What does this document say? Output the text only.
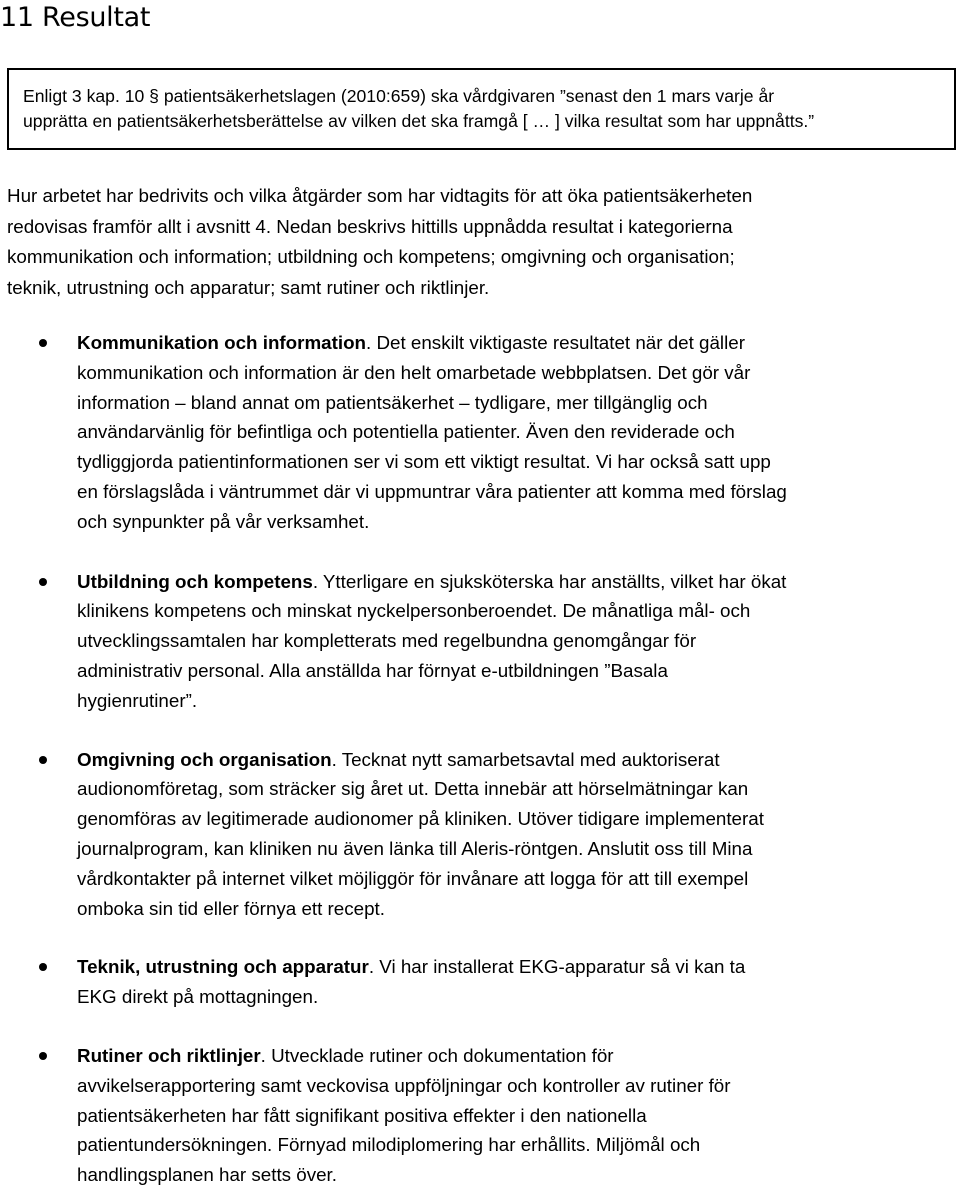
11 Resultat

Enligt 3 kap. 10 § patientsäkerhetslagen (2010:659) ska vårdgivaren ”senast den 1 mars varje år
upprätta en patientsäkerhetsberättelse av vilken det ska framgå [ … ] vilka resultat som har uppnåtts.”

Hur arbetet har bedrivits och vilka åtgärder som har vidtagits för att öka patientsäkerheten
redovisas framför allt i avsnitt 4. Nedan beskrivs hittills uppnådda resultat i kategorierna
kommunikation och information; utbildning och kompetens; omgivning och organisation;
teknik, utrustning och apparatur; samt rutiner och riktlinjer.

Kommunikation och information. Det enskilt viktigaste resultatet när det gäller
kommunikation och information är den helt omarbetade webbplatsen. Det gör vår
information – bland annat om patientsäkerhet – tydligare, mer tillgänglig och
användarvänlig för befintliga och potentiella patienter. Även den reviderade och
tydliggjorda patientinformationen ser vi som ett viktigt resultat. Vi har också satt upp
en förslagslåda i väntrummet där vi uppmuntrar våra patienter att komma med förslag
och synpunkter på vår verksamhet.
Utbildning och kompetens. Ytterligare en sjuksköterska har anställts, vilket har ökat
klinikens kompetens och minskat nyckelpersonberoendet. De månatliga mål- och
utvecklingssamtalen har kompletterats med regelbundna genomgångar för
administrativ personal. Alla anställda har förnyat e-utbildningen ”Basala
hygienrutiner”.
Omgivning och organisation. Tecknat nytt samarbetsavtal med auktoriserat
audionomföretag, som sträcker sig året ut. Detta innebär att hörselmätningar kan
genomföras av legitimerade audionomer på kliniken. Utöver tidigare implementerat
journalprogram, kan kliniken nu även länka till Aleris-röntgen. Anslutit oss till Mina
vårdkontakter på internet vilket möjliggör för invånare att logga för att till exempel
omboka sin tid eller förnya ett recept.
Teknik, utrustning och apparatur. Vi har installerat EKG-apparatur så vi kan ta
EKG direkt på mottagningen.
Rutiner och riktlinjer. Utvecklade rutiner och dokumentation för
avvikelserapportering samt veckovisa uppföljningar och kontroller av rutiner för
patientsäkerheten har fått signifikant positiva effekter i den nationella
patientundersökningen. Förnyad milodiplomering har erhållits. Miljömål och
handlingsplanen har setts över.
